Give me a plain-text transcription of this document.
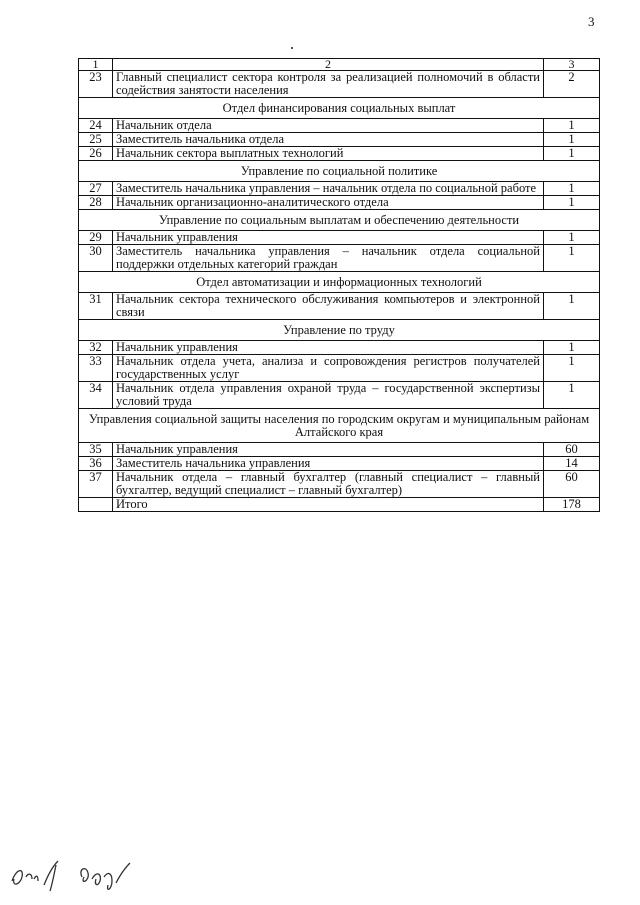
3
1	2	3
23	Главный специалист сектора контроля за реализацией полномочий в области содействия занятости населения	2
Отдел финансирования социальных выплат		
24	Начальник отдела	1
25	Заместитель начальника отдела	1
26	Начальник сектора выплатных технологий	1
Управление по социальной политике		
27	Заместитель начальника управления – начальник отдела по социальной работе	1
28	Начальник организационно-аналитического отдела	1
Управление по социальным выплатам и обеспечению деятельности		
29	Начальник управления	1
30	Заместитель начальника управления – начальник отдела социальной поддержки отдельных категорий граждан	1
Отдел автоматизации и информационных технологий		
31	Начальник сектора технического обслуживания компьютеров и электронной связи	1
Управление по труду		
32	Начальник управления	1
33	Начальник отдела учета, анализа и сопровождения регистров получателей государственных услуг	1
34	Начальник отдела управления охраной труда – государственной экспертизы условий труда	1
Управления социальной защиты населения по городским округам и муниципальным районам Алтайского края		
35	Начальник управления	60
36	Заместитель начальника управления	14
37	Начальник отдела – главный бухгалтер (главный специалист – главный бухгалтер, ведущий специалист – главный бухгалтер)	60
	Итого	178
